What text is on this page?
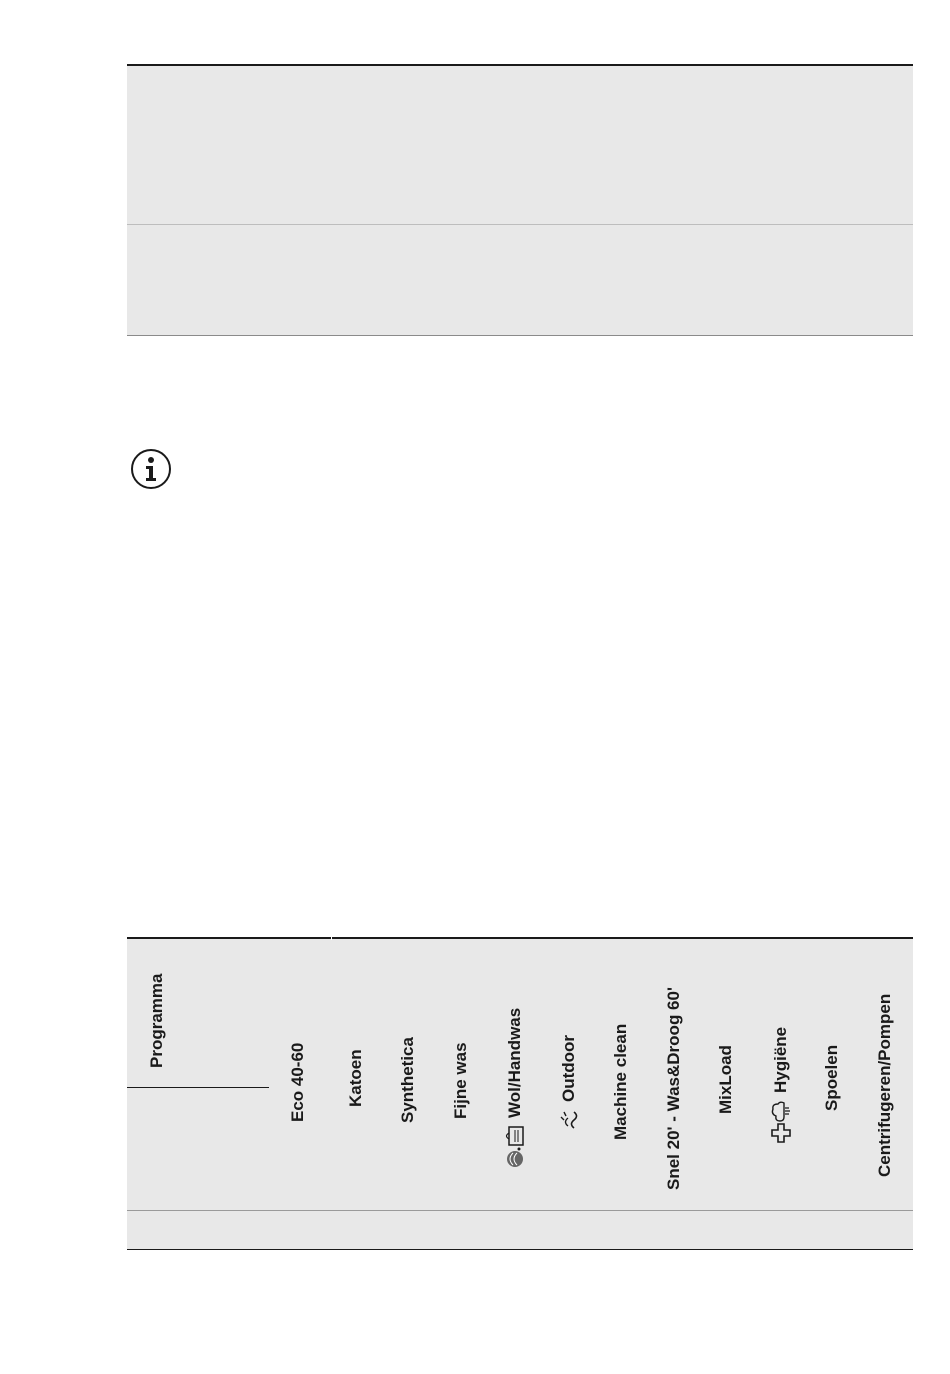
Programma
Eco 40-60 Katoen Synthetica Fijne was Wol/Handwas Outdoor Machine clean Snel 20' - Was&Droog 60' MixLoad Hygiëne Spoelen Centrifugeren/Pompen
